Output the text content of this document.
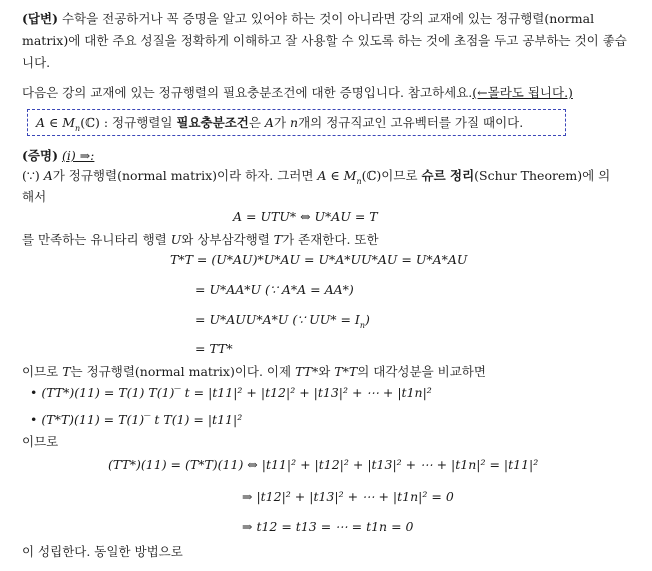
(답변) 수학을 전공하거나 꼭 증명을 알고 있어야 하는 것이 아니라면 강의 교재에 있는 정규행렬(normal matrix)에 대한 주요 성질을 정확하게 이해하고 잘 사용할 수 있도록 하는 것에 초점을 두고 공부하는 것이 좋습니다.
다음은 강의 교재에 있는 정규행렬의 필요충분조건에 대한 증명입니다. 참고하세요.(←몰라도 됩니다.)
A ∈ $M_n(ℂ)$ : 정규행렬일 필요충분조건은 A가 n개의 정규직교인 고유벡터를 가질 때이다.
(증명) (i) ⇒:
(∵) A가 정규행렬(normal matrix)이라 하자. 그러면 A ∈ $M_n(ℂ)$이므로 슈르 정리(Schur Theorem)에 의
해서
A = UTU* ⇔ U*AU = T
를 만족하는 유니타리 행렬 U와 상부삼각행렬 T가 존재한다. 또한
T*T = (U*AU)*U*AU = U*A*UU*AU = U*A*AU
= U*AA*U (∵ A*A = AA*)
= U*AUU*A*U (∵ $UU* = I_n$)
= TT*
이므로 T는 정규행렬(normal matrix)이다. 이제 TT*와 T*T의 대각성분을 비교하면
• (TT*)(11) = T(1) T(1)‾ t = |t11|² + |t12|² + |t13|² + ⋯ + |t1n|²
• (T*T)(11) = T(1)‾ t T(1) = |t11|²
이므로
(TT*)(11) = (T*T)(11) ⇔ |t11|² + |t12|² + |t13|² + ⋯ + |t1n|² = |t11|²
⇒ |t12|² + |t13|² + ⋯ + |t1n|² = 0
⇒ t12 = t13 = ⋯ = t1n = 0
이 성립한다. 동일한 방법으로
